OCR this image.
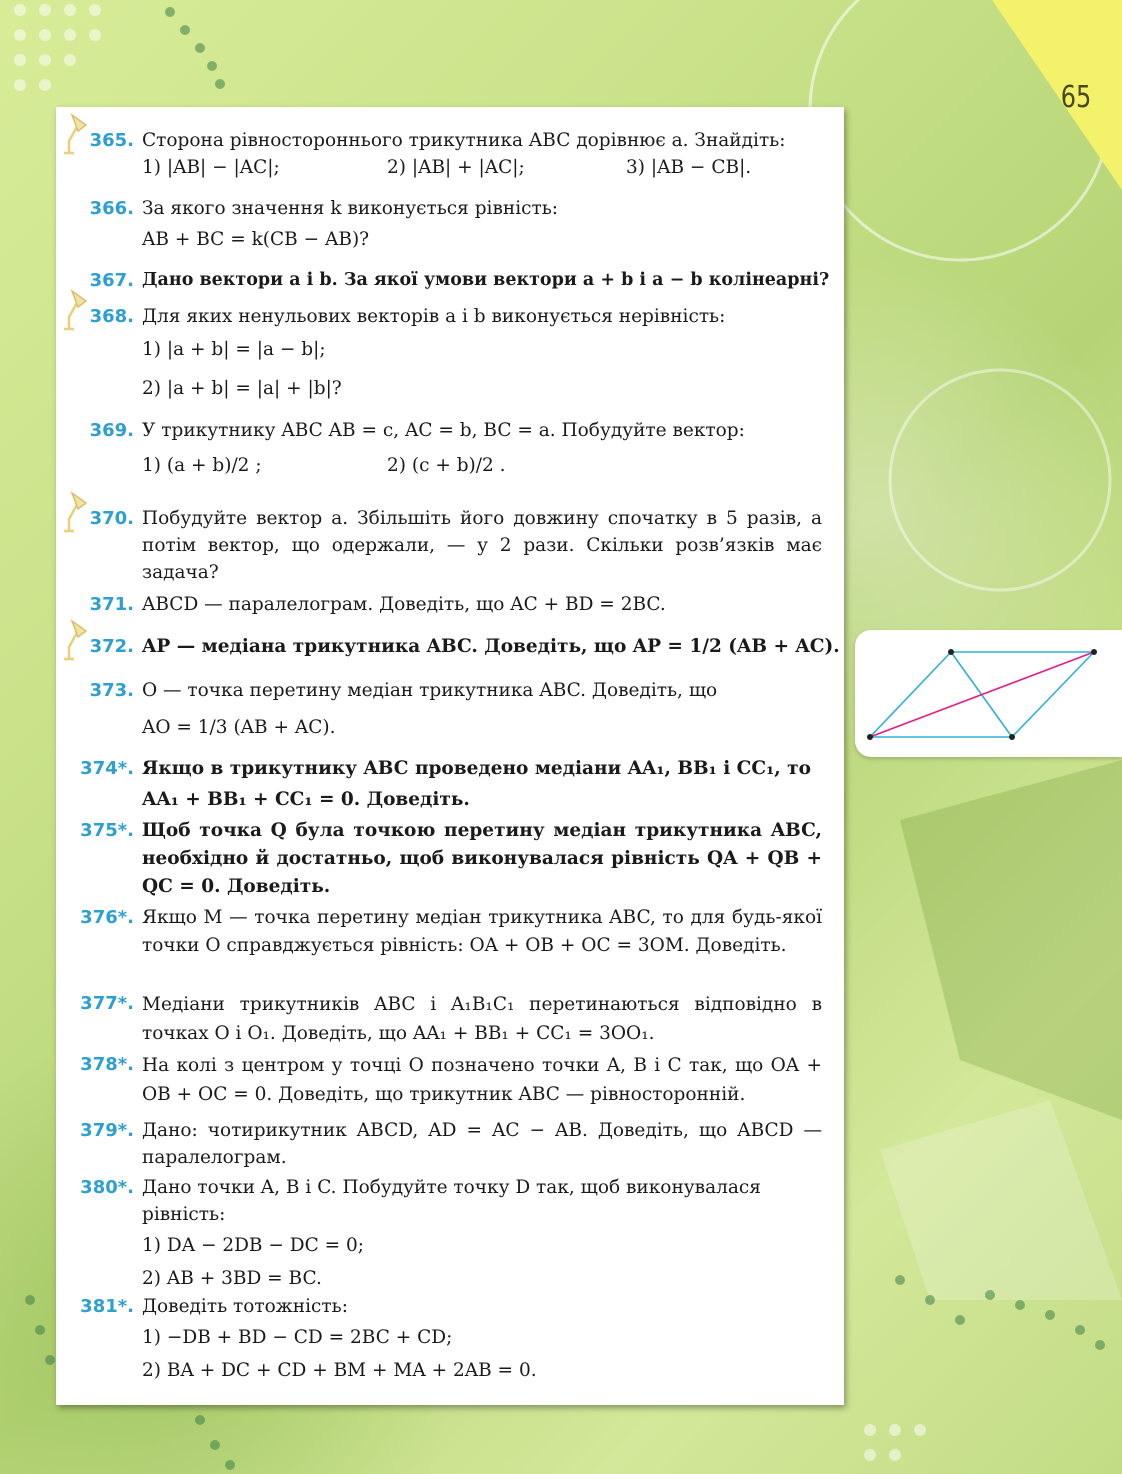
65
365. Сторона рівностороннього трикутника ABC дорівнює a. Знайдіть:
1) |AB| − |AC|;	2) |AB| + |AC|;	3) |AB − CB|.
366. За якого значення k виконується рівність:
AB + BC = k(CB − AB)?
367. Дано вектори a і b. За якої умови вектори a + b і a − b колінеарні?
368. Для яких ненульових векторів a і b виконується нерівність:
1) |a + b| = |a − b|;
2) |a + b| = |a| + |b|?
369. У трикутнику ABC AB = c, AC = b, BC = a. Побудуйте вектор:
1) (a + b)/2 ;	2) (c + b)/2 .
370. Побудуйте вектор a. Збільшіть його довжину спочатку в 5 разів, а потім вектор, що одержали, — у 2 рази. Скільки розв’язків має задача?
371. ABCD — паралелограм. Доведіть, що AC + BD = 2BC.
372. AP — медіана трикутника ABC. Доведіть, що AP = 1/2 (AB + AC).
373. O — точка перетину медіан трикутника ABC. Доведіть, що
AO = 1/3 (AB + AC).
374*. Якщо в трикутнику ABC проведено медіани AA₁, BB₁ і CC₁, то
AA₁ + BB₁ + CC₁ = 0. Доведіть.
375*. Щоб точка Q була точкою перетину медіан трикутника ABC, необхідно й достатньо, щоб виконувалася рівність QA + QB + QC = 0. Доведіть.
376*. Якщо M — точка перетину медіан трикутника ABC, то для будь-якої точки O справджується рівність: OA + OB + OC = 3OM. Доведіть.
377*. Медіани трикутників ABC і A₁B₁C₁ перетинаються відповідно в точках O і O₁. Доведіть, що AA₁ + BB₁ + CC₁ = 3OO₁.
378*. На колі з центром у точці O позначено точки A, B і C так, що OA + OB + OC = 0. Доведіть, що трикутник ABC — рівносторонній.
379*. Дано: чотирикутник ABCD, AD = AC − AB. Доведіть, що ABCD — паралелограм.
380*. Дано точки A, B і C. Побудуйте точку D так, щоб виконувалася рівність:
1) DA − 2DB − DC = 0;
2) AB + 3BD = BC.
381*. Доведіть тотожність:
1) −DB + BD − CD = 2BC + CD;
2) BA + DC + CD + BM + MA + 2AB = 0.
